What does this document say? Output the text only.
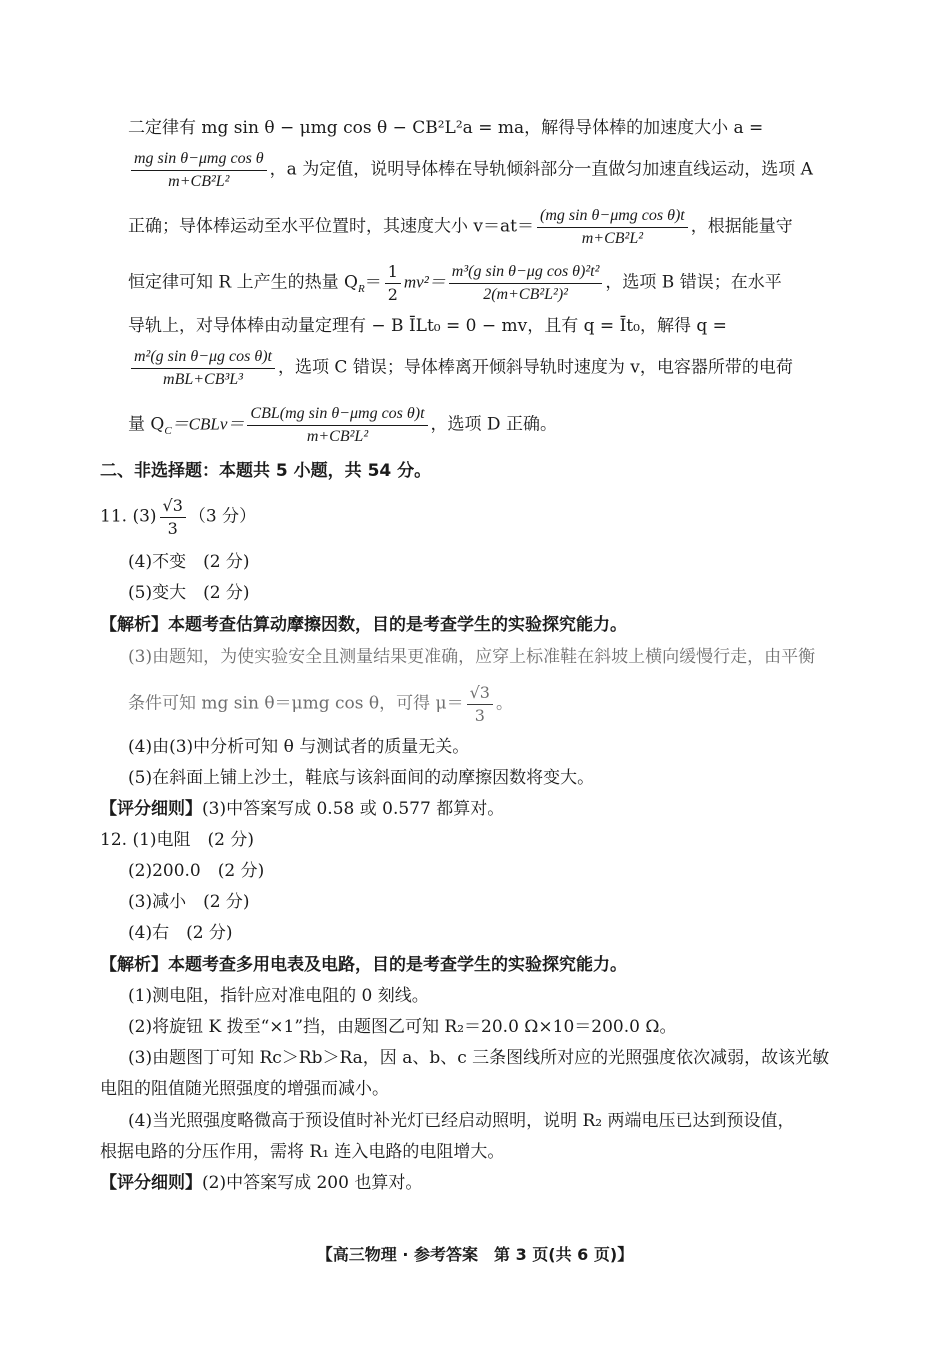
二定律有 mg sin θ − μmg cos θ − CB²L²a = ma，解得导体棒的加速度大小 a =
$\frac{\text{mg sin θ−μmg cos θ}}{\text{m+CB²L²}}$ ，a 为定值，说明导体棒在导轨倾斜部分一直做匀加速直线运动，选项 A
正确；导体棒运动至水平位置时，其速度大小 $v=at= \frac{\text{(mg sin θ−μmg cos θ)t}}{\text{m+CB²L²}}$ ，根据能量守
恒定律可知 R 上产生的热量 $Q_R= \frac{1}{2} mv^2= \frac{\text{m³(g sin θ−μg cos θ)²t²}}{\text{2(m+CB²L²)²}}$ ，选项 B 错误；在水平
导轨上，对导体棒由动量定理有 − B ĪLt₀ = 0 − mv，且有 q = Īt₀，解得 q =
$\frac{\text{m²(g sin θ−μg cos θ)t}}{\text{mBL+CB³L³}}$ ，选项 C 错误；导体棒离开倾斜导轨时速度为 v，电容器所带的电荷
量 $Q_C=CBLv= \frac{\text{CBL(mg sin θ−μmg cos θ)t}}{\text{m+CB²L²}}$ ，选项 D 正确。
二、非选择题：本题共 5 小题，共 54 分。
11. $(3) \frac{√3}{3} (3$ 分）
(4)不变　(2 分)
(5)变大　(2 分)
【解析】本题考查估算动摩擦因数，目的是考查学生的实验探究能力。
(3)由题知，为使实验安全且测量结果更准确，应穿上标准鞋在斜坡上横向缓慢行走，由平衡
条件可知 mg sin θ＝μmg cos θ，可得 $\mu= \frac{√3}{3}$ 。
(4)由(3)中分析可知 θ 与测试者的质量无关。
(5)在斜面上铺上沙土，鞋底与该斜面间的动摩擦因数将变大。
【评分细则】(3)中答案写成 0.58 或 0.577 都算对。
12. (1)电阻　(2 分)
(2)200.0　(2 分)
(3)减小　(2 分)
(4)右　(2 分)
【解析】本题考查多用电表及电路，目的是考查学生的实验探究能力。
(1)测电阻，指针应对准电阻的 0 刻线。
(2)将旋钮 K 拨至“×1”挡，由题图乙可知 R₂＝20.0 Ω×10＝200.0 Ω。
(3)由题图丁可知 Rc＞Rb＞Ra，因 a、b、c 三条图线所对应的光照强度依次减弱，故该光敏
电阻的阻值随光照强度的增强而减小。
(4)当光照强度略微高于预设值时补光灯已经启动照明，说明 R₂ 两端电压已达到预设值，
根据电路的分压作用，需将 R₁ 连入电路的电阻增大。
【评分细则】(2)中答案写成 200 也算对。
【高三物理 · 参考答案　第 3 页(共 6 页)】
